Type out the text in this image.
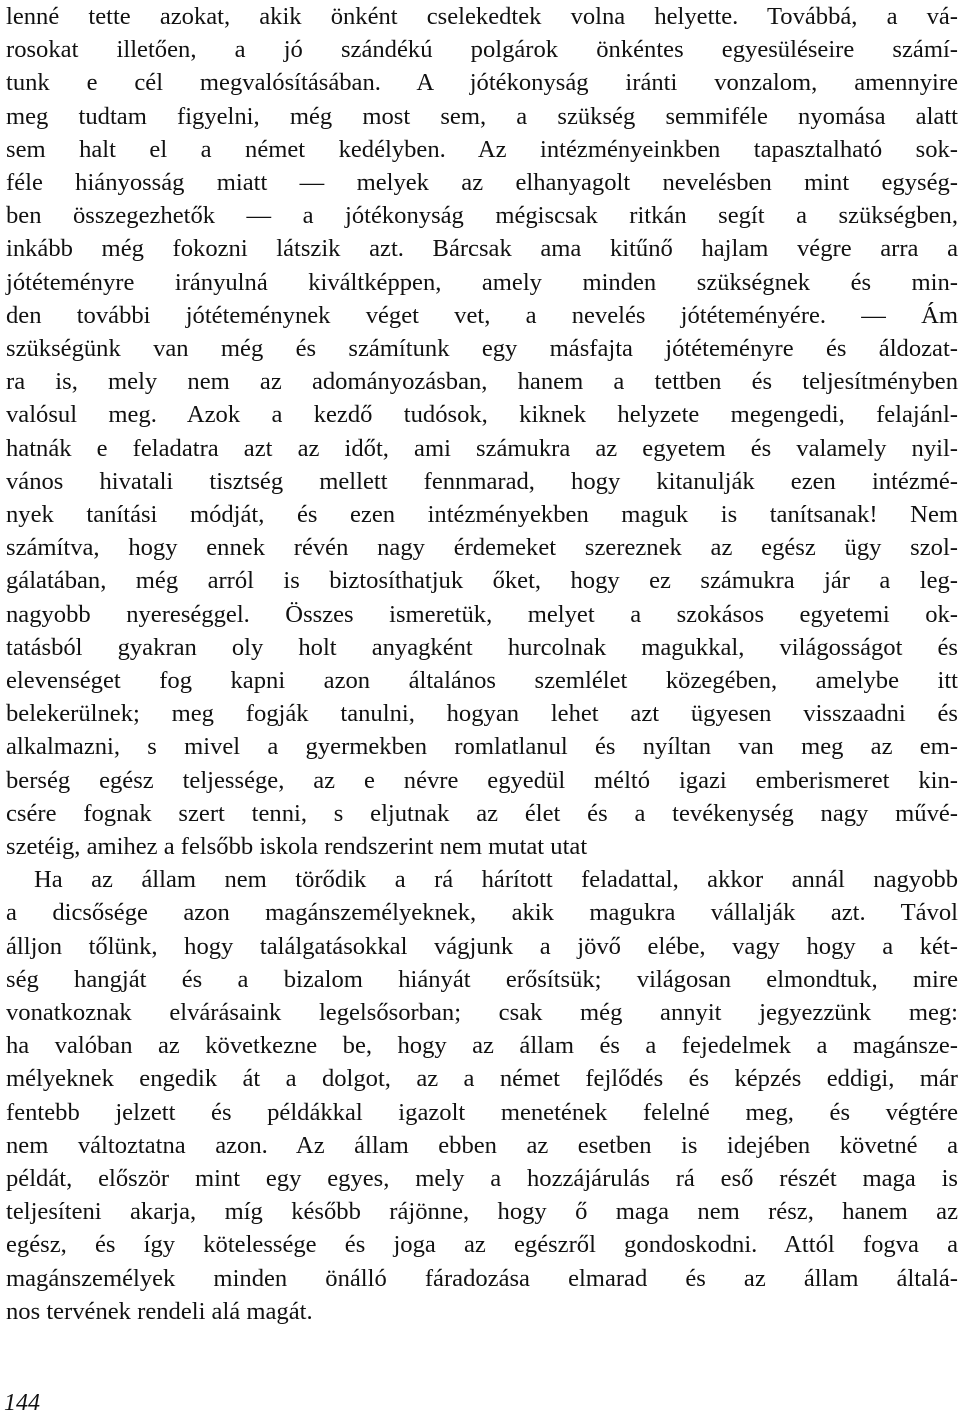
lenné tette azokat, akik önként cselekedtek volna helyette. Továbbá, a vá-
rosokat illetően, a jó szándékú polgárok önkéntes egyesüléseire számí-
tunk e cél megvalósításában. A jótékonyság iránti vonzalom, amennyire
meg tudtam figyelni, még most sem, a szükség semmiféle nyomása alatt
sem halt el a német kedélyben. Az intézményeinkben tapasztalható sok-
féle hiányosság miatt — melyek az elhanyagolt nevelésben mint egység-
ben összegezhetők — a jótékonyság mégiscsak ritkán segít a szükségben,
inkább még fokozni látszik azt. Bárcsak ama kitűnő hajlam végre arra a
jótéteményre irányulná kiváltképpen, amely minden szükségnek és min-
den további jótéteménynek véget vet, a nevelés jótéteményére. — Ám
szükségünk van még és számítunk egy másfajta jótéteményre és áldozat-
ra is, mely nem az adományozásban, hanem a tettben és teljesítményben
valósul meg. Azok a kezdő tudósok, kiknek helyzete megengedi, felajánl-
hatnák e feladatra azt az időt, ami számukra az egyetem és valamely nyil-
vános hivatali tisztség mellett fennmarad, hogy kitanulják ezen intézmé-
nyek tanítási módját, és ezen intézményekben maguk is tanítsanak! Nem
számítva, hogy ennek révén nagy érdemeket szereznek az egész ügy szol-
gálatában, még arról is biztosíthatjuk őket, hogy ez számukra jár a leg-
nagyobb nyereséggel. Összes ismeretük, melyet a szokásos egyetemi ok-
tatásból gyakran oly holt anyagként hurcolnak magukkal, világosságot és
elevenséget fog kapni azon általános szemlélet közegében, amelybe itt
belekerülnek; meg fogják tanulni, hogyan lehet azt ügyesen visszaadni és
alkalmazni, s mivel a gyermekben romlatlanul és nyíltan van meg az em-
berség egész teljessége, az e névre egyedül méltó igazi emberismeret kin-
csére fognak szert tenni, s eljutnak az élet és a tevékenység nagy művé-
szetéig, amihez a felsőbb iskola rendszerint nem mutat utat
Ha az állam nem törődik a rá hárított feladattal, akkor annál nagyobb
a dicsősége azon magánszemélyeknek, akik magukra vállalják azt. Távol
álljon tőlünk, hogy találgatásokkal vágjunk a jövő elébe, vagy hogy a két-
ség hangját és a bizalom hiányát erősítsük; világosan elmondtuk, mire
vonatkoznak elvárásaink legelsősorban; csak még annyit jegyezzünk meg:
ha valóban az következne be, hogy az állam és a fejedelmek a magánsze-
mélyeknek engedik át a dolgot, az a német fejlődés és képzés eddigi, már
fentebb jelzett és példákkal igazolt menetének felelné meg, és végtére
nem változtatna azon. Az állam ebben az esetben is idejében követné a
példát, először mint egy egyes, mely a hozzájárulás rá eső részét maga is
teljesíteni akarja, míg később rájönne, hogy ő maga nem rész, hanem az
egész, és így kötelessége és joga az egészről gondoskodni. Attól fogva a
magánszemélyek minden önálló fáradozása elmarad és az állam általá-
nos tervének rendeli alá magát.
144
